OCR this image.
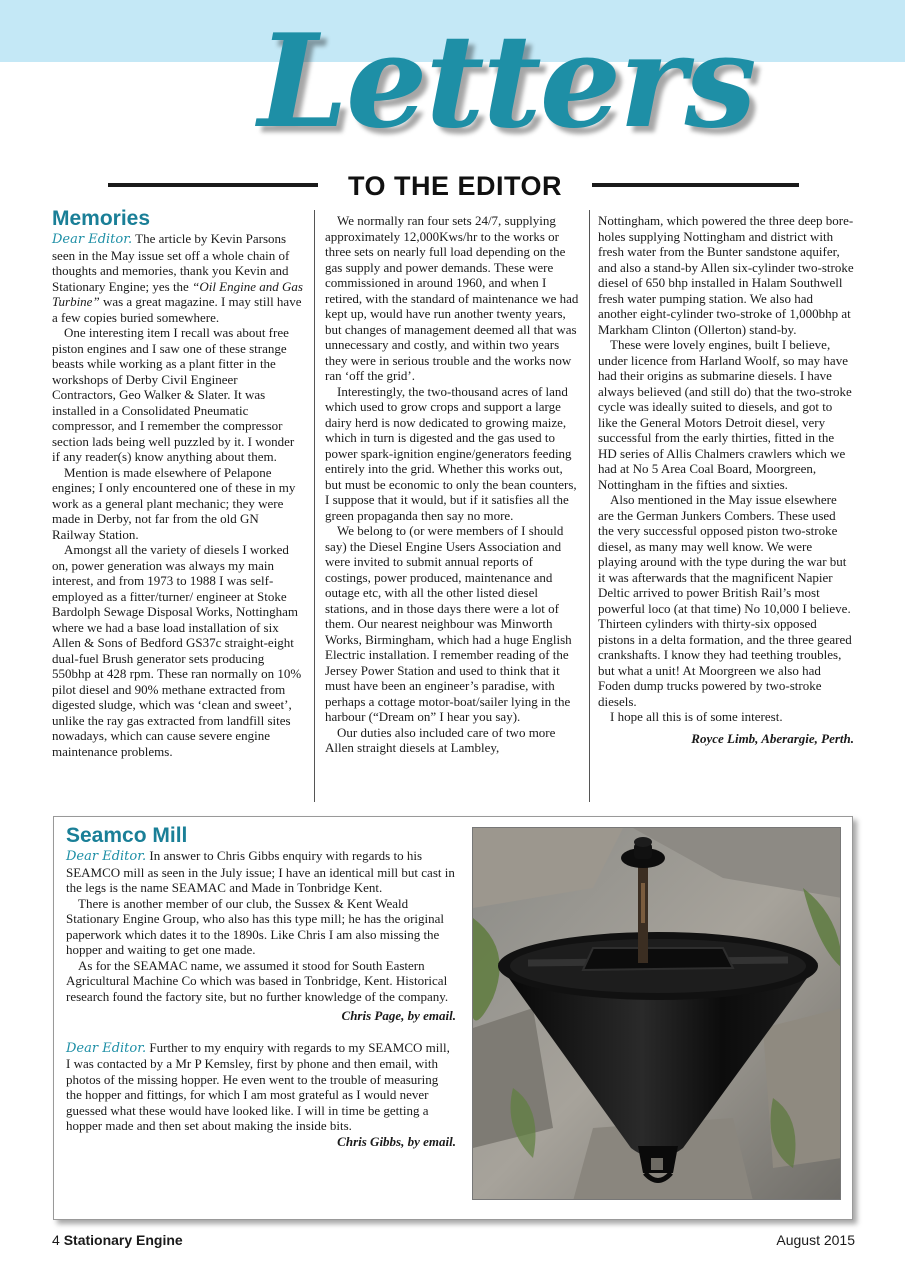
Letters
TO THE EDITOR
Memories

Dear Editor. The article by Kevin Parsons seen in the May issue set off a whole chain of thoughts and memories, thank you Kevin and Stationary Engine; yes the “Oil Engine and Gas Turbine” was a great magazine. I may still have a few copies buried somewhere.

One interesting item I recall was about free piston engines and I saw one of these strange beasts while working as a plant fitter in the workshops of Derby Civil Engineer Contractors, Geo Walker & Slater. It was installed in a Consolidated Pneumatic compressor, and I remember the compressor section lads being well puzzled by it. I wonder if any reader(s) know anything about them.

Mention is made elsewhere of Pelapone engines; I only encountered one of these in my work as a general plant mechanic; they were made in Derby, not far from the old GN Railway Station.

Amongst all the variety of diesels I worked on, power generation was always my main interest, and from 1973 to 1988 I was self-employed as a fitter/turner/ engineer at Stoke Bardolph Sewage Disposal Works, Nottingham where we had a base load installation of six Allen & Sons of Bedford GS37c straight-eight dual-fuel Brush generator sets producing 550bhp at 428 rpm. These ran normally on 10% pilot diesel and 90% methane extracted from digested sludge, which was ‘clean and sweet’, unlike the ray gas extracted from landfill sites nowadays, which can cause severe engine maintenance problems.

We normally ran four sets 24/7, supplying approximately 12,000Kws/hr to the works or three sets on nearly full load depending on the gas supply and power demands. These were commissioned in around 1960, and when I retired, with the standard of maintenance we had kept up, would have run another twenty years, but changes of management deemed all that was unnecessary and costly, and within two years they were in serious trouble and the works now ran ‘off the grid’.

Interestingly, the two-thousand acres of land which used to grow crops and support a large dairy herd is now dedicated to growing maize, which in turn is digested and the gas used to power spark-ignition engine/generators feeding entirely into the grid. Whether this works out, but must be economic to only the bean counters, I suppose that it would, but if it satisfies all the green propaganda then say no more.

We belong to (or were members of I should say) the Diesel Engine Users Association and were invited to submit annual reports of costings, power produced, maintenance and outage etc, with all the other listed diesel stations, and in those days there were a lot of them. Our nearest neighbour was Minworth Works, Birmingham, which had a huge English Electric installation. I remember reading of the Jersey Power Station and used to think that it must have been an engineer’s paradise, with perhaps a cottage motor-boat/sailer lying in the harbour (“Dream on” I hear you say).

Our duties also included care of two more Allen straight diesels at Lambley,

Nottingham, which powered the three deep bore-holes supplying Nottingham and district with fresh water from the Bunter sandstone aquifer, and also a stand-by Allen six-cylinder two-stroke diesel of 650 bhp installed in Halam Southwell fresh water pumping station. We also had another eight-cylinder two-stroke of 1,000bhp at Markham Clinton (Ollerton) stand-by.

These were lovely engines, built I believe, under licence from Harland Woolf, so may have had their origins as submarine diesels. I have always believed (and still do) that the two-stroke cycle was ideally suited to diesels, and got to like the General Motors Detroit diesel, very successful from the early thirties, fitted in the HD series of Allis Chalmers crawlers which we had at No 5 Area Coal Board, Moorgreen, Nottingham in the fifties and sixties.

Also mentioned in the May issue elsewhere are the German Junkers Combers. These used the very successful opposed piston two-stroke diesel, as many may well know. We were playing around with the type during the war but it was afterwards that the magnificent Napier Deltic arrived to power British Rail’s most powerful loco (at that time) No 10,000 I believe. Thirteen cylinders with thirty-six opposed pistons in a delta formation, and the three geared crankshafts. I know they had teething troubles, but what a unit! At Moorgreen we also had Foden dump trucks powered by two-stroke diesels.

I hope all this is of some interest.

Royce Limb, Aberargie, Perth.

Seamco Mill

Dear Editor. In answer to Chris Gibbs enquiry with regards to his SEAMCO mill as seen in the July issue; I have an identical mill but cast in the legs is the name SEAMAC and Made in Tonbridge Kent.

There is another member of our club, the Sussex & Kent Weald Stationary Engine Group, who also has this type mill; he has the original paperwork which dates it to the 1890s. Like Chris I am also missing the hopper and waiting to get one made.

As for the SEAMAC name, we assumed it stood for South Eastern Agricultural Machine Co which was based in Tonbridge, Kent. Historical research found the factory site, but no further knowledge of the company.

Chris Page, by email.

Dear Editor. Further to my enquiry with regards to my SEAMCO mill, I was contacted by a Mr P Kemsley, first by phone and then email, with photos of the missing hopper. He even went to the trouble of measuring the hopper and fittings, for which I am most grateful as I would never guessed what these would have looked like. I will in time be getting a hopper made and then set about making the inside bits.

Chris Gibbs, by email.

4 Stationary Engine	August 2015
